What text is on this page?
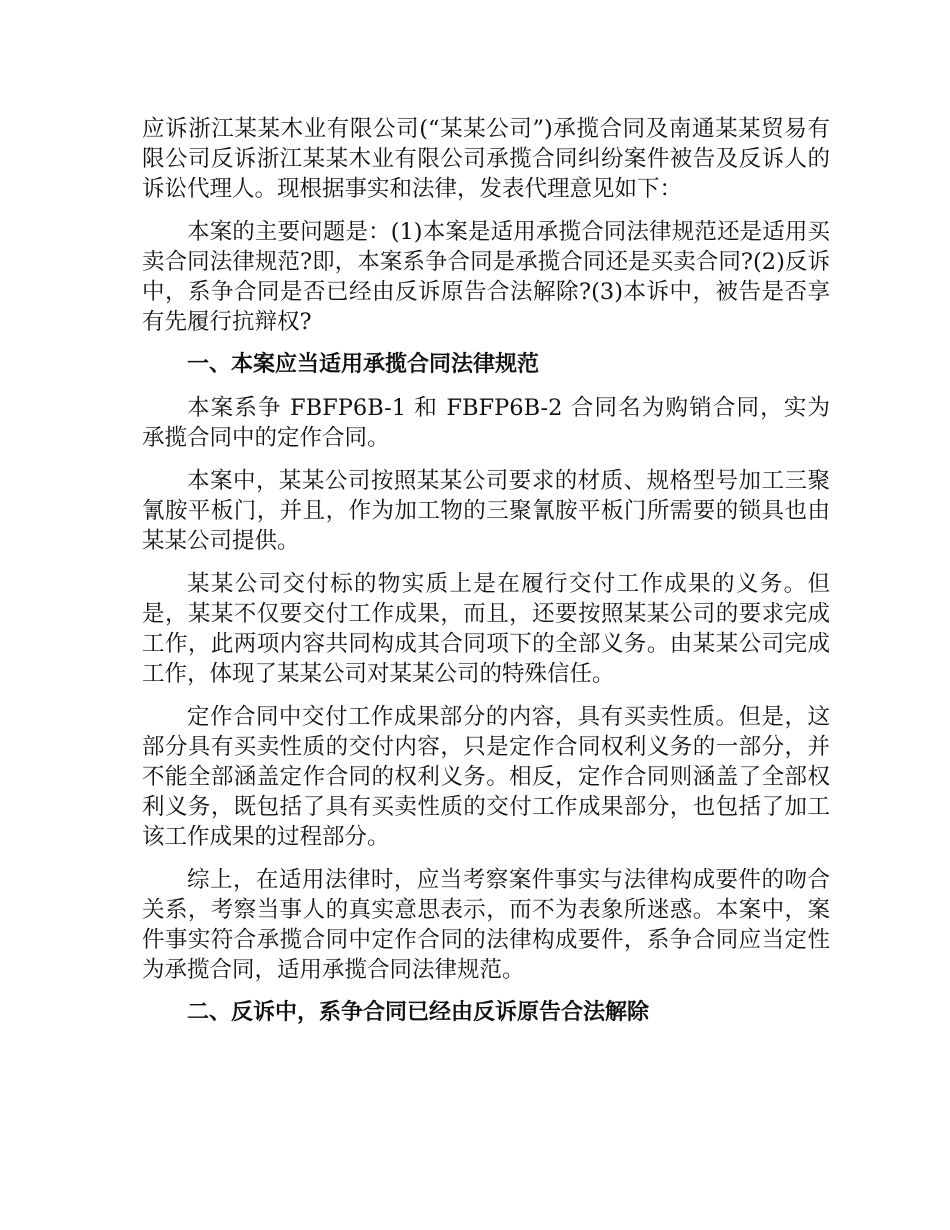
应诉浙江某某木业有限公司(“某某公司”)承揽合同及南通某某贸易有限公司反诉浙江某某木业有限公司承揽合同纠纷案件被告及反诉人的诉讼代理人。现根据事实和法律，发表代理意见如下：

本案的主要问题是：(1)本案是适用承揽合同法律规范还是适用买卖合同法律规范?即，本案系争合同是承揽合同还是买卖合同?(2)反诉中，系争合同是否已经由反诉原告合法解除?(3)本诉中，被告是否享有先履行抗辩权?

一、本案应当适用承揽合同法律规范

本案系争 FBFP6B-1 和 FBFP6B-2 合同名为购销合同，实为承揽合同中的定作合同。

本案中，某某公司按照某某公司要求的材质、规格型号加工三聚氰胺平板门，并且，作为加工物的三聚氰胺平板门所需要的锁具也由某某公司提供。

某某公司交付标的物实质上是在履行交付工作成果的义务。但是，某某不仅要交付工作成果，而且，还要按照某某公司的要求完成工作，此两项内容共同构成其合同项下的全部义务。由某某公司完成工作，体现了某某公司对某某公司的特殊信任。

定作合同中交付工作成果部分的内容，具有买卖性质。但是，这部分具有买卖性质的交付内容，只是定作合同权利义务的一部分，并不能全部涵盖定作合同的权利义务。相反，定作合同则涵盖了全部权利义务，既包括了具有买卖性质的交付工作成果部分，也包括了加工该工作成果的过程部分。

综上，在适用法律时，应当考察案件事实与法律构成要件的吻合关系，考察当事人的真实意思表示，而不为表象所迷惑。本案中，案件事实符合承揽合同中定作合同的法律构成要件，系争合同应当定性为承揽合同，适用承揽合同法律规范。

二、反诉中，系争合同已经由反诉原告合法解除
